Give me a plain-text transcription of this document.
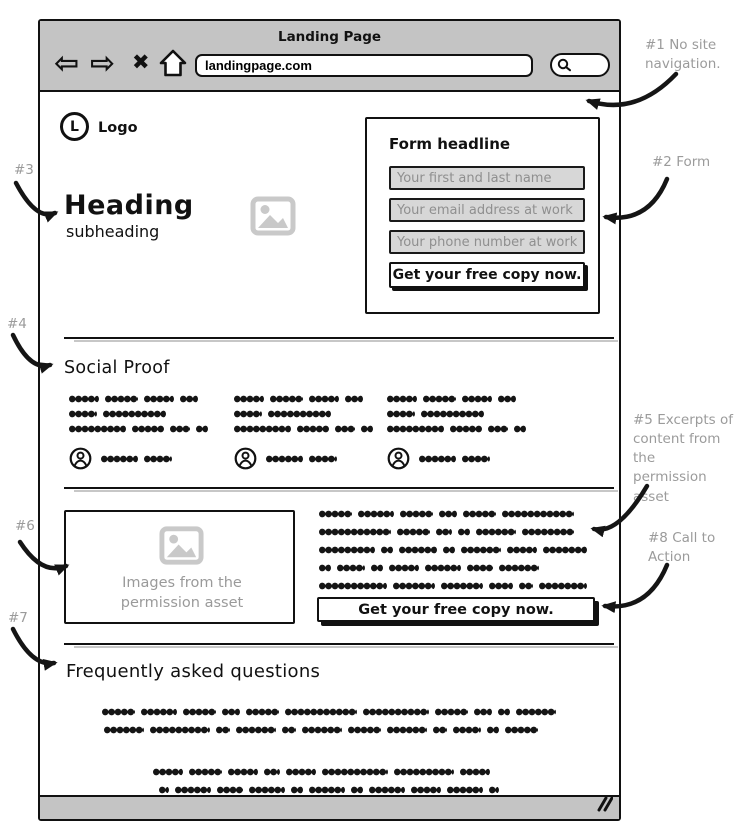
Landing Page
⇦ ⇨ ✖
landingpage.com
L	Logo
Heading
subheading
Form headline
Your first and last name
Your email address at work
Your phone number at work
Get your free copy now.
Social Proof
Images from the permission asset	Get your free copy now.
Frequently asked questions
#1 No site navigation.
#2 Form
#3
#4
#5 Excerpts of content from the permission asset
#6
#7
#8 Call to Action
